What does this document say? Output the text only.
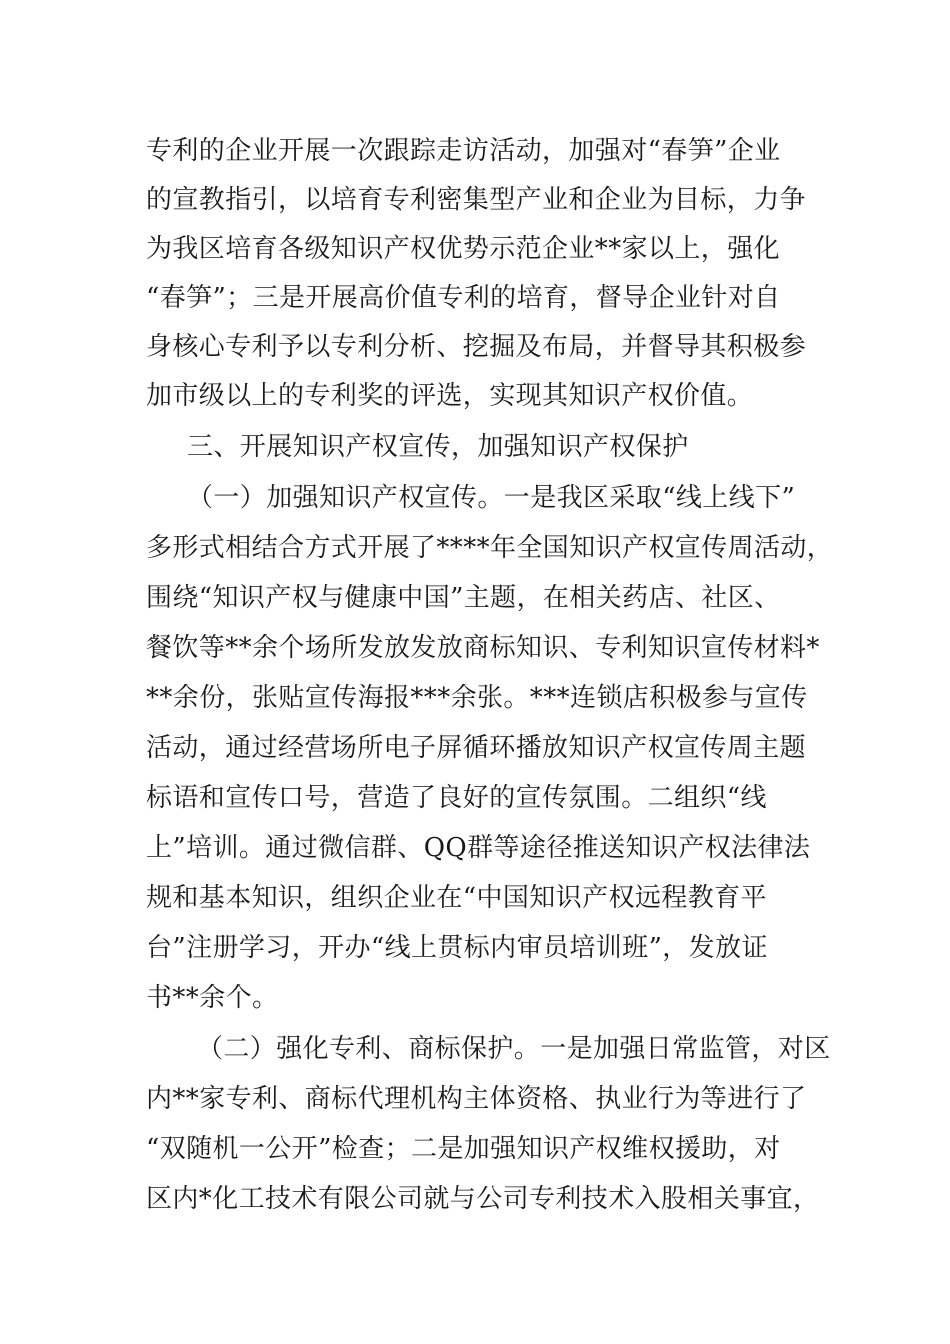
专利的企业开展一次跟踪走访活动，加强对“春笋”企业
的宣教指引，以培育专利密集型产业和企业为目标，力争
为我区培育各级知识产权优势示范企业**家以上，强化
“春笋”；三是开展高价值专利的培育，督导企业针对自
身核心专利予以专利分析、挖掘及布局，并督导其积极参
加市级以上的专利奖的评选，实现其知识产权价值。
三、开展知识产权宣传，加强知识产权保护
（一）加强知识产权宣传。一是我区采取“线上线下”
多形式相结合方式开展了****年全国知识产权宣传周活动，
围绕“知识产权与健康中国”主题，在相关药店、社区、
餐饮等**余个场所发放发放商标知识、专利知识宣传材料*
**余份，张贴宣传海报***余张。***连锁店积极参与宣传
活动，通过经营场所电子屏循环播放知识产权宣传周主题
标语和宣传口号，营造了良好的宣传氛围。二组织“线
上”培训。通过微信群、QQ群等途径推送知识产权法律法
规和基本知识，组织企业在“中国知识产权远程教育平
台”注册学习，开办“线上贯标内审员培训班”，发放证
书**余个。
（二）强化专利、商标保护。一是加强日常监管，对区
内**家专利、商标代理机构主体资格、执业行为等进行了
“双随机一公开”检查；二是加强知识产权维权援助，对
区内*化工技术有限公司就与公司专利技术入股相关事宜，
